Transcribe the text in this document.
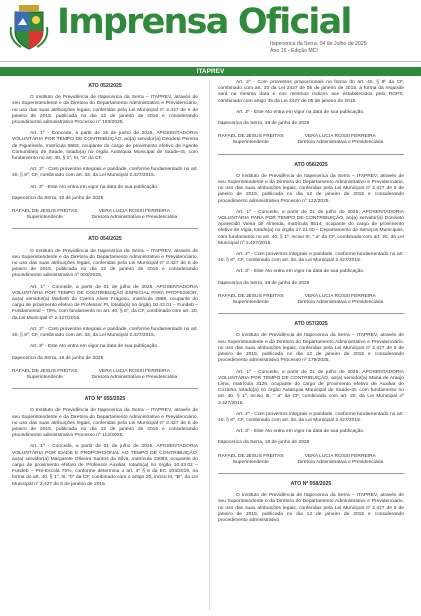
Imprensa Oficial
Itapecerica da Serra, 04 de Julho de 2025
Ano 16 - Edição MCI
ITAPREV
ATO 052/2025

O Instituto de Previdência de Itapecerica da Serra – ITAPREV, através de seu Superintendente e da Diretora do Departamento Administrativo e Previdenciário, no uso das suas atribuições legais, conferidas pela Lei Municipal nº 2.427 de 6 de janeiro de 2015, publicada no dia 12 de janeiro de 2015 e considerando procedimento administrativo Processo nº 193/2025,

Art. 1º - Concede, a partir de 16 de junho de 2025, APOSENTADORIA VOLUNTÁRIA POR TEMPO DE CONTRIBUIÇÃO, ao(a) servidor(a) Deodete Pereira de Figueiredo, matrícula 9663, ocupante do cargo de provimento efetivo de Agente Comunitário de Saúde, lotado(a) no órgão Autarquia Municipal de Saúde-IS, com fundamento no art. 40, § 1º, III, "a" da CF.

Art. 2º - Com proventos integrais e paridade, conforme fundamentado no art. 40, § 8º, CF, combinado com art. 33, da Lei Municipal 2.427/2015.

Art. 3º - Este Ato entra em vigor na data de sua publicação.

Itapecerica da Serra, 10 de junho de 2025
RAFAEL DE JESUS FREITAS
Superintendente
VERA LUCIA ROSSI FERREIRA
Diretora Administrativa e Previdenciária
ATO 054/2025

O Instituto de Previdência de Itapecerica da Serra – ITAPREV, através de seu Superintendente e da Diretora do Departamento Administrativo e Previdenciário, no uso das suas atribuições legais, conferidas pela Lei Municipal nº 2.427 de 6 de janeiro de 2015, publicada no dia 12 de janeiro de 2015 e considerando procedimento administrativo nº 003/2025,

Art. 1º - Concede, a partir de 01 de julho de 2025, APOSENTADORIA VOLUNTÁRIA POR TEMPO DE CONTRIBUIÇÃO ESPECIAL PARA PROFESSOR, ao(a) servidor(a) Marlieth do Carmo Alves Fragoso, matrícula 2898, ocupante do cargo de provimento efetivo de Professor PI, lotado(a) no órgão 10.43.01 – Fundeb – Fundamental – 70%, com fundamento no art. 40, § 5º, da CF, combinado com art. 20, da Lei Municipal nº 2.427/2015.

Art. 2º - Com proventos integrais e paridade, conforme fundamentado no art. 40, § 8º, CF, combinado com art. 33, da Lei Municipal 2.427/2015.

Art. 3º - Este Ato entra em vigor na data de sua publicação.

Itapecerica da Serra, 18 de junho de 2025
RAFAEL DE JESUS FREITAS
Superintendente
VERA LUCIA ROSSI FERREIRA
Diretora Administrativa e Previdenciária
ATO Nº 055/2025

O Instituto de Previdência de Itapecerica da Serra – ITAPREV, através de seu Superintendente e da Diretora do Departamento Administrativo e Previdenciário, no uso das suas atribuições legais, conferidas pela Lei Municipal nº 2.427 de 5 de janeiro de 2015, publicada no dia 12 de janeiro de 2015 e considerando procedimento administrativo Processo nº 112/2025,

Art. 1º - Concede, a partir de 01 de julho de 2025, APOSENTADORIA VOLUNTÁRIA POR IDADE E PROPORCIONAL AO TEMPO DE CONTRIBUIÇÃO, ao(a) servidor(a) Margarete Oliveira Santos da Silva, matrícula 13093, ocupante do cargo de provimento efetivo de Professor Auxiliar, lotado(a) no órgão 10.43.02 – Fundeb – Pré-Escola 70%, conforme determina o art. 4º § 6 da EC 103/2019, na forma do art. 40, § 1º, III, "b" da CF, combinado com o artigo 20, inciso III, "B", da Lei Municipal nº 2.427 de 5 de janeiro de 2015.

Art. 2º - Com proventos proporcionais na forma do art. 40, § 8º da CF, combinado com art. 33 da Lei 2427 de 05 de janeiro de 2015, à forma da requisite será na mesma data e nos mesmos índices aos estabelecidos pelo RGPS, combinado com artigo 35 da Lei 2427 de 05 de janeiro de 2015.

Art. 3º - Este Ato entra em vigor na data de sua publicação.

Itapecerica da Serra, 18 de junho de 2025
RAFAEL DE JESUS FREITAS
Superintendente
VERA LUCIA ROSSI FERREIRA
Diretora Administrativa e Previdenciária
ATO 056/2025

O Instituto de Previdência de Itapecerica da Serra – ITAPREV, através de seu Superintendente e da Diretora do Departamento Administrativo e Previdenciário, no uso das suas atribuições legais, conferidas pela Lei Municipal nº 2.427 de 6 de janeiro de 2015, publicada no dia 12 de janeiro de 2015 e considerando procedimento administrativo Processo nº 122/2025,

Art. 1º - Concede, a partir de 01 de julho de 2025, APOSENTADORIA VOLUNTÁRIA PARA POR TEMPO DE CONTRIBUIÇÃO, ao(a) servidor(a) Doniseto Aparecido Vieira de Almeida, matrícula 8514, ocupante do cargo de provimento efetivo de Vigia, lotado(a) no órgão 17.21.00 – Departamento de Serviços Municipais, com fundamento no art. 40, § 1º, inciso III, " a" da CF, combinado com art. 20, da Lei Municipal nº 2.427/2015.

Art. 2º - Com proventos integrais e paridade, conforme fundamentado no art. 40, § 8º, CF, combinado com art. 33, da Lei Municipal 2.427/2015.

Art. 3º - Este Ato entra em vigor na data de sua publicação.

Itapecerica da Serra, 18 de junho de 2025
RAFAEL DE JESUS FREITAS
Superintendente
VERA LUCIA ROSSI FERREIRA
Diretora Administrativa e Previdenciária
ATO 057/2025

O Instituto de Previdência de Itapecerica da Serra – ITAPREV, através de seu Superintendente e da Diretora do Departamento Administrativo e Previdenciário, no uso das suas atribuições legais, conferidas pela Lei Municipal nº 2.427 de 6 de janeiro de 2015, publicada no dia 12 de janeiro de 2015 e considerando procedimento administrativo Processo nº 179/2025,

Art. 1º - Concede, a partir de 01 de julho de 2025, APOSENTADORIA VOLUNTÁRIA POR TEMPO DE CONTRIBUIÇÃO, ao(a) servidor(a) Maria de Araujo Lima, matrícula 3128, ocupante do cargo de provimento efetivo de Auxiliar de Cozinha, lotado(a) no órgão Autarquia Municipal de Saúde-IS, com fundamento no art. 40, § 1º, inciso III, " a" da CF, combinado com art. 20, da Lei Municipal nº 2.427/2015.

Art. 2º - Com proventos integrais e paridade, conforme fundamentado no art. 40, § 8º, CF, combinado com art. 33, da Lei Municipal 2.427/2015.

Art. 3º - Este Ato entra em vigor na data de sua publicação.

Itapecerica da Serra, 18 de junho de 2025
RAFAEL DE JESUS FREITAS
Superintendente
VERA LUCIA ROSSI FERREIRA
Diretora Administrativa e Previdenciária
ATO Nº 058/2025

O Instituto de Previdência de Itapecerica da Serra – ITAPREV, através de seu Superintendente e da Diretora do Departamento Administrativo e Previdenciário, no uso das suas atribuições legais, conferidas pela Lei Municipal nº 2.427 de 6 de janeiro de 2015, publicada no dia 12 de janeiro de 2015 e considerando procedimento administrativo
